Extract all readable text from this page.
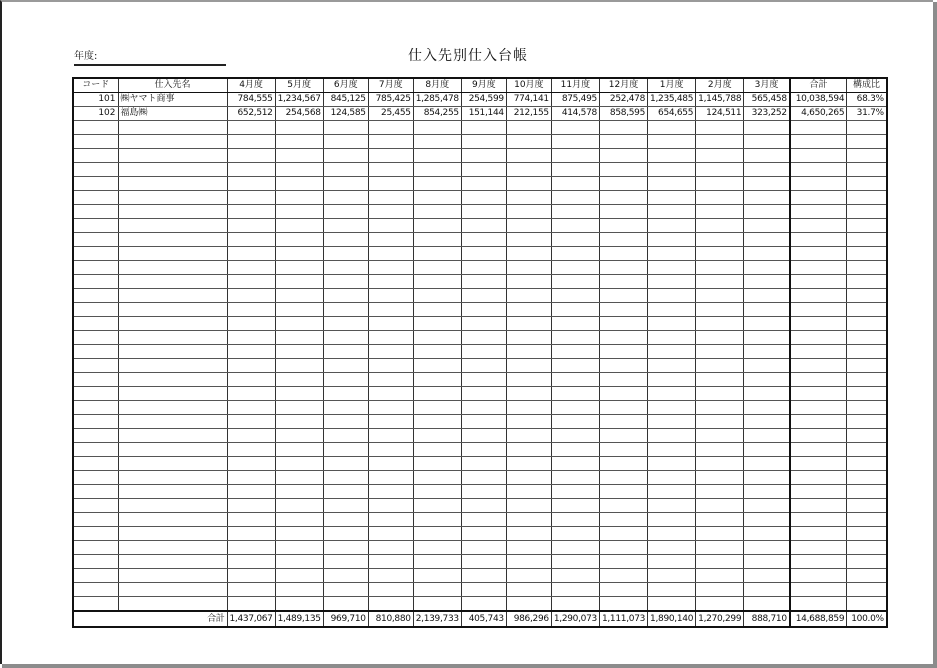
年度:	仕入先別仕入台帳
コード	仕入先名	4月度	5月度	6月度	7月度	8月度	9月度	10月度	11月度	12月度	1月度	2月度	3月度	合計	構成比
101	㈱ヤマト商事	784,555	1,234,567	845,125	785,425	1,285,478	254,599	774,141	875,495	252,478	1,235,485	1,145,788	565,458	10,038,594	68.3%
102	福島㈱	652,512	254,568	124,585	25,455	854,255	151,144	212,155	414,578	858,595	654,655	124,511	323,252	4,650,265	31.7%

合計		1,437,067	1,489,135	969,710	810,880	2,139,733	405,743	986,296	1,290,073	1,111,073	1,890,140	1,270,299	888,710	14,688,859	100.0%
